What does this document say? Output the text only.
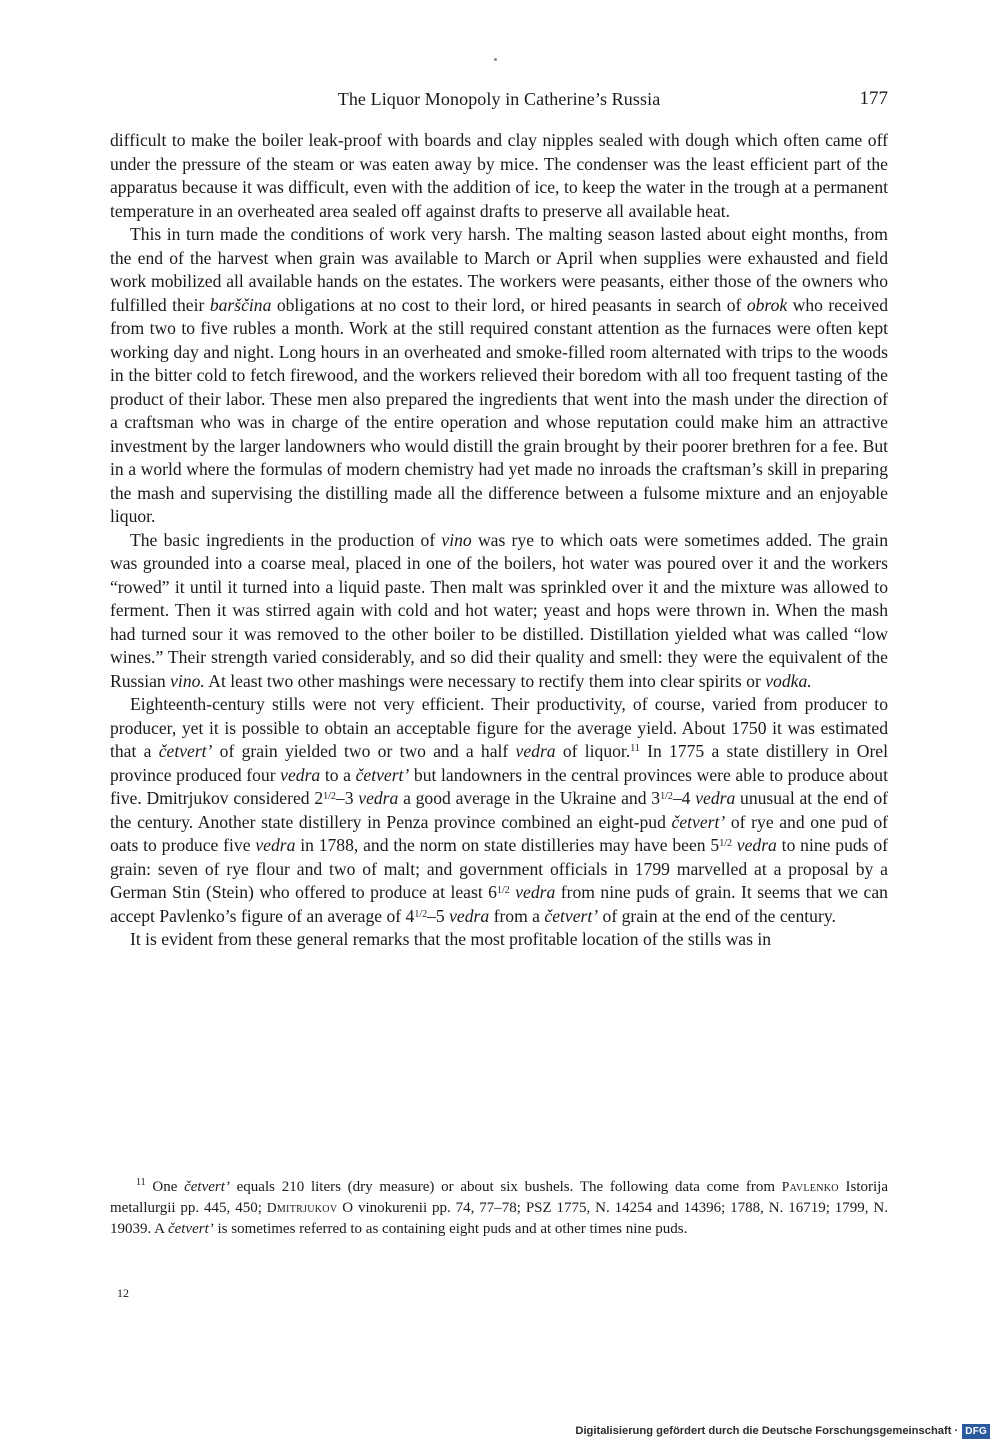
The Liquor Monopoly in Catherine’s Russia	177

difficult to make the boiler leak-proof with boards and clay nipples sealed with dough which often came off under the pressure of the steam or was eaten away by mice. The condenser was the least efficient part of the apparatus because it was difficult, even with the addition of ice, to keep the water in the trough at a permanent temperature in an overheated area sealed off against drafts to preserve all available heat.

This in turn made the conditions of work very harsh. The malting season lasted about eight months, from the end of the harvest when grain was available to March or April when supplies were exhausted and field work mobilized all available hands on the estates. The workers were peasants, either those of the owners who fulfilled their barščina obligations at no cost to their lord, or hired peasants in search of obrok who received from two to five rubles a month. Work at the still required constant attention as the furnaces were often kept working day and night. Long hours in an overheated and smoke-filled room alternated with trips to the woods in the bitter cold to fetch firewood, and the workers relieved their boredom with all too frequent tasting of the product of their labor. These men also prepared the ingredients that went into the mash under the direction of a craftsman who was in charge of the entire operation and whose reputation could make him an attractive investment by the larger landowners who would distill the grain brought by their poorer brethren for a fee. But in a world where the formulas of modern chemistry had yet made no inroads the craftsman’s skill in preparing the mash and supervising the distilling made all the difference between a fulsome mixture and an enjoyable liquor.

The basic ingredients in the production of vino was rye to which oats were sometimes added. The grain was grounded into a coarse meal, placed in one of the boilers, hot water was poured over it and the workers “rowed” it until it turned into a liquid paste. Then malt was sprinkled over it and the mixture was allowed to ferment. Then it was stirred again with cold and hot water; yeast and hops were thrown in. When the mash had turned sour it was removed to the other boiler to be distilled. Distillation yielded what was called “low wines.” Their strength varied considerably, and so did their quality and smell: they were the equivalent of the Russian vino. At least two other mashings were necessary to rectify them into clear spirits or vodka.

Eighteenth-century stills were not very efficient. Their productivity, of course, varied from producer to producer, yet it is possible to obtain an acceptable figure for the average yield. About 1750 it was estimated that a četvert’ of grain yielded two or two and a half vedra of liquor.$^{11}$ In 1775 a state distillery in Orel province produced four vedra to a četvert’ but landowners in the central provinces were able to produce about five. Dmitrjukov considered $2^{1/2}-3$ vedra a good average in the Ukraine and $3^{1/2}-4$ vedra unusual at the end of the century. Another state distillery in Penza province combined an eight-pud četvert’ of rye and one pud of oats to produce five vedra in 1788, and the norm on state distilleries may have been $5^{1/2}$ vedra to nine puds of grain: seven of rye flour and two of malt; and government officials in 1799 marvelled at a proposal by a German Stin (Stein) who offered to produce at least $6^{1/2}$ vedra from nine puds of grain. It seems that we can accept Pavlenko’s figure of an average of $4^{1/2}-5$ vedra from a četvert’ of grain at the end of the century.

It is evident from these general remarks that the most profitable location of the stills was in

$^{11}$ One četvert’ equals 210 liters (dry measure) or about six bushels. The following data come from Pavlenko Istorija metallurgii pp. 445, 450; Dmitrjukov O vinokurenii pp. 74, 77–78; PSZ 1775, N. 14254 and 14396; 1788, N. 16719; 1799, N. 19039. A četvert’ is sometimes referred to as containing eight puds and at other times nine puds.

12
Digitalisierung gefördert durch die Deutsche Forschungsgemeinschaft · DFG
